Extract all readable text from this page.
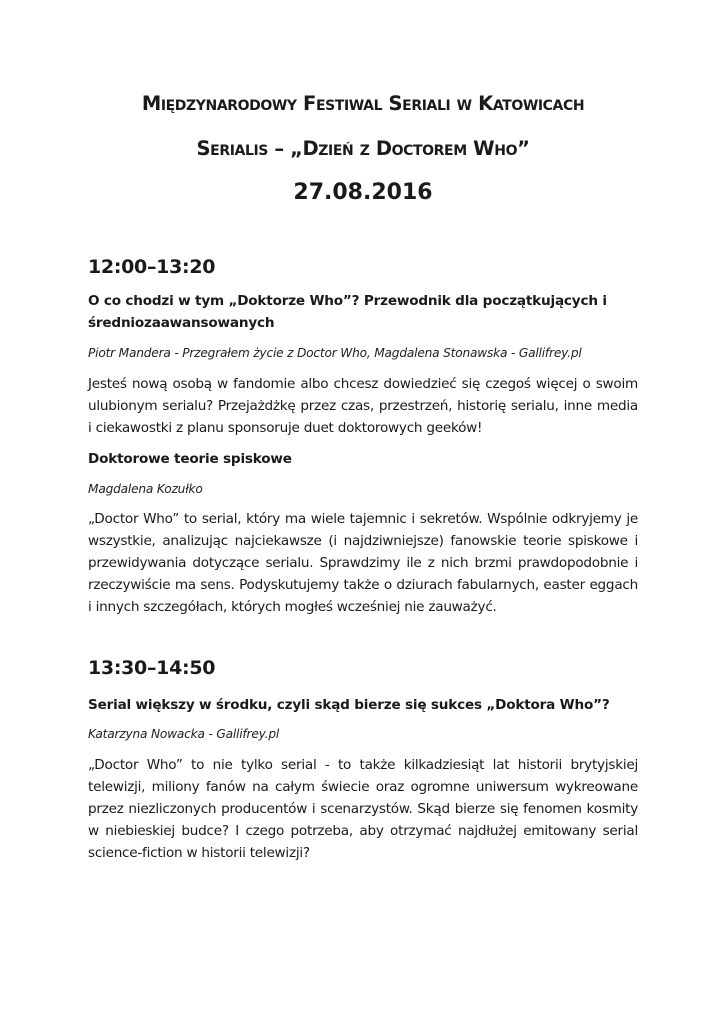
Międzynarodowy Festiwal Seriali w Katowicach
Serialis – „Dzień z Doctorem Who”
27.08.2016
12:00–13:20

O co chodzi w tym „Doktorze Who”? Przewodnik dla początkujących i średniozaawansowanych

Piotr Mandera - Przegrałem życie z Doctor Who, Magdalena Stonawska - Gallifrey.pl

Jesteś nową osobą w fandomie albo chcesz dowiedzieć się czegoś więcej o swoim ulubionym serialu? Przejażdżkę przez czas, przestrzeń, historię serialu, inne media i ciekawostki z planu sponsoruje duet doktorowych geeków!

Doktorowe teorie spiskowe

Magdalena Kozułko

„Doctor Who” to serial, który ma wiele tajemnic i sekretów. Wspólnie odkryjemy je wszystkie, analizując najciekawsze (i najdziwniejsze) fanowskie teorie spiskowe i przewidywania dotyczące serialu. Sprawdzimy ile z nich brzmi prawdopodobnie i rzeczywiście ma sens. Podyskutujemy także o dziurach fabularnych, easter eggach i innych szczegółach, których mogłeś wcześniej nie zauważyć.

13:30–14:50

Serial większy w środku, czyli skąd bierze się sukces „Doktora Who”?

Katarzyna Nowacka - Gallifrey.pl

„Doctor Who” to nie tylko serial - to także kilkadziesiąt lat historii brytyjskiej telewizji, miliony fanów na całym świecie oraz ogromne uniwersum wykreowane przez niezliczonych producentów i scenarzystów. Skąd bierze się fenomen kosmity w niebieskiej budce? I czego potrzeba, aby otrzymać najdłużej emitowany serial science-fiction w historii telewizji?
